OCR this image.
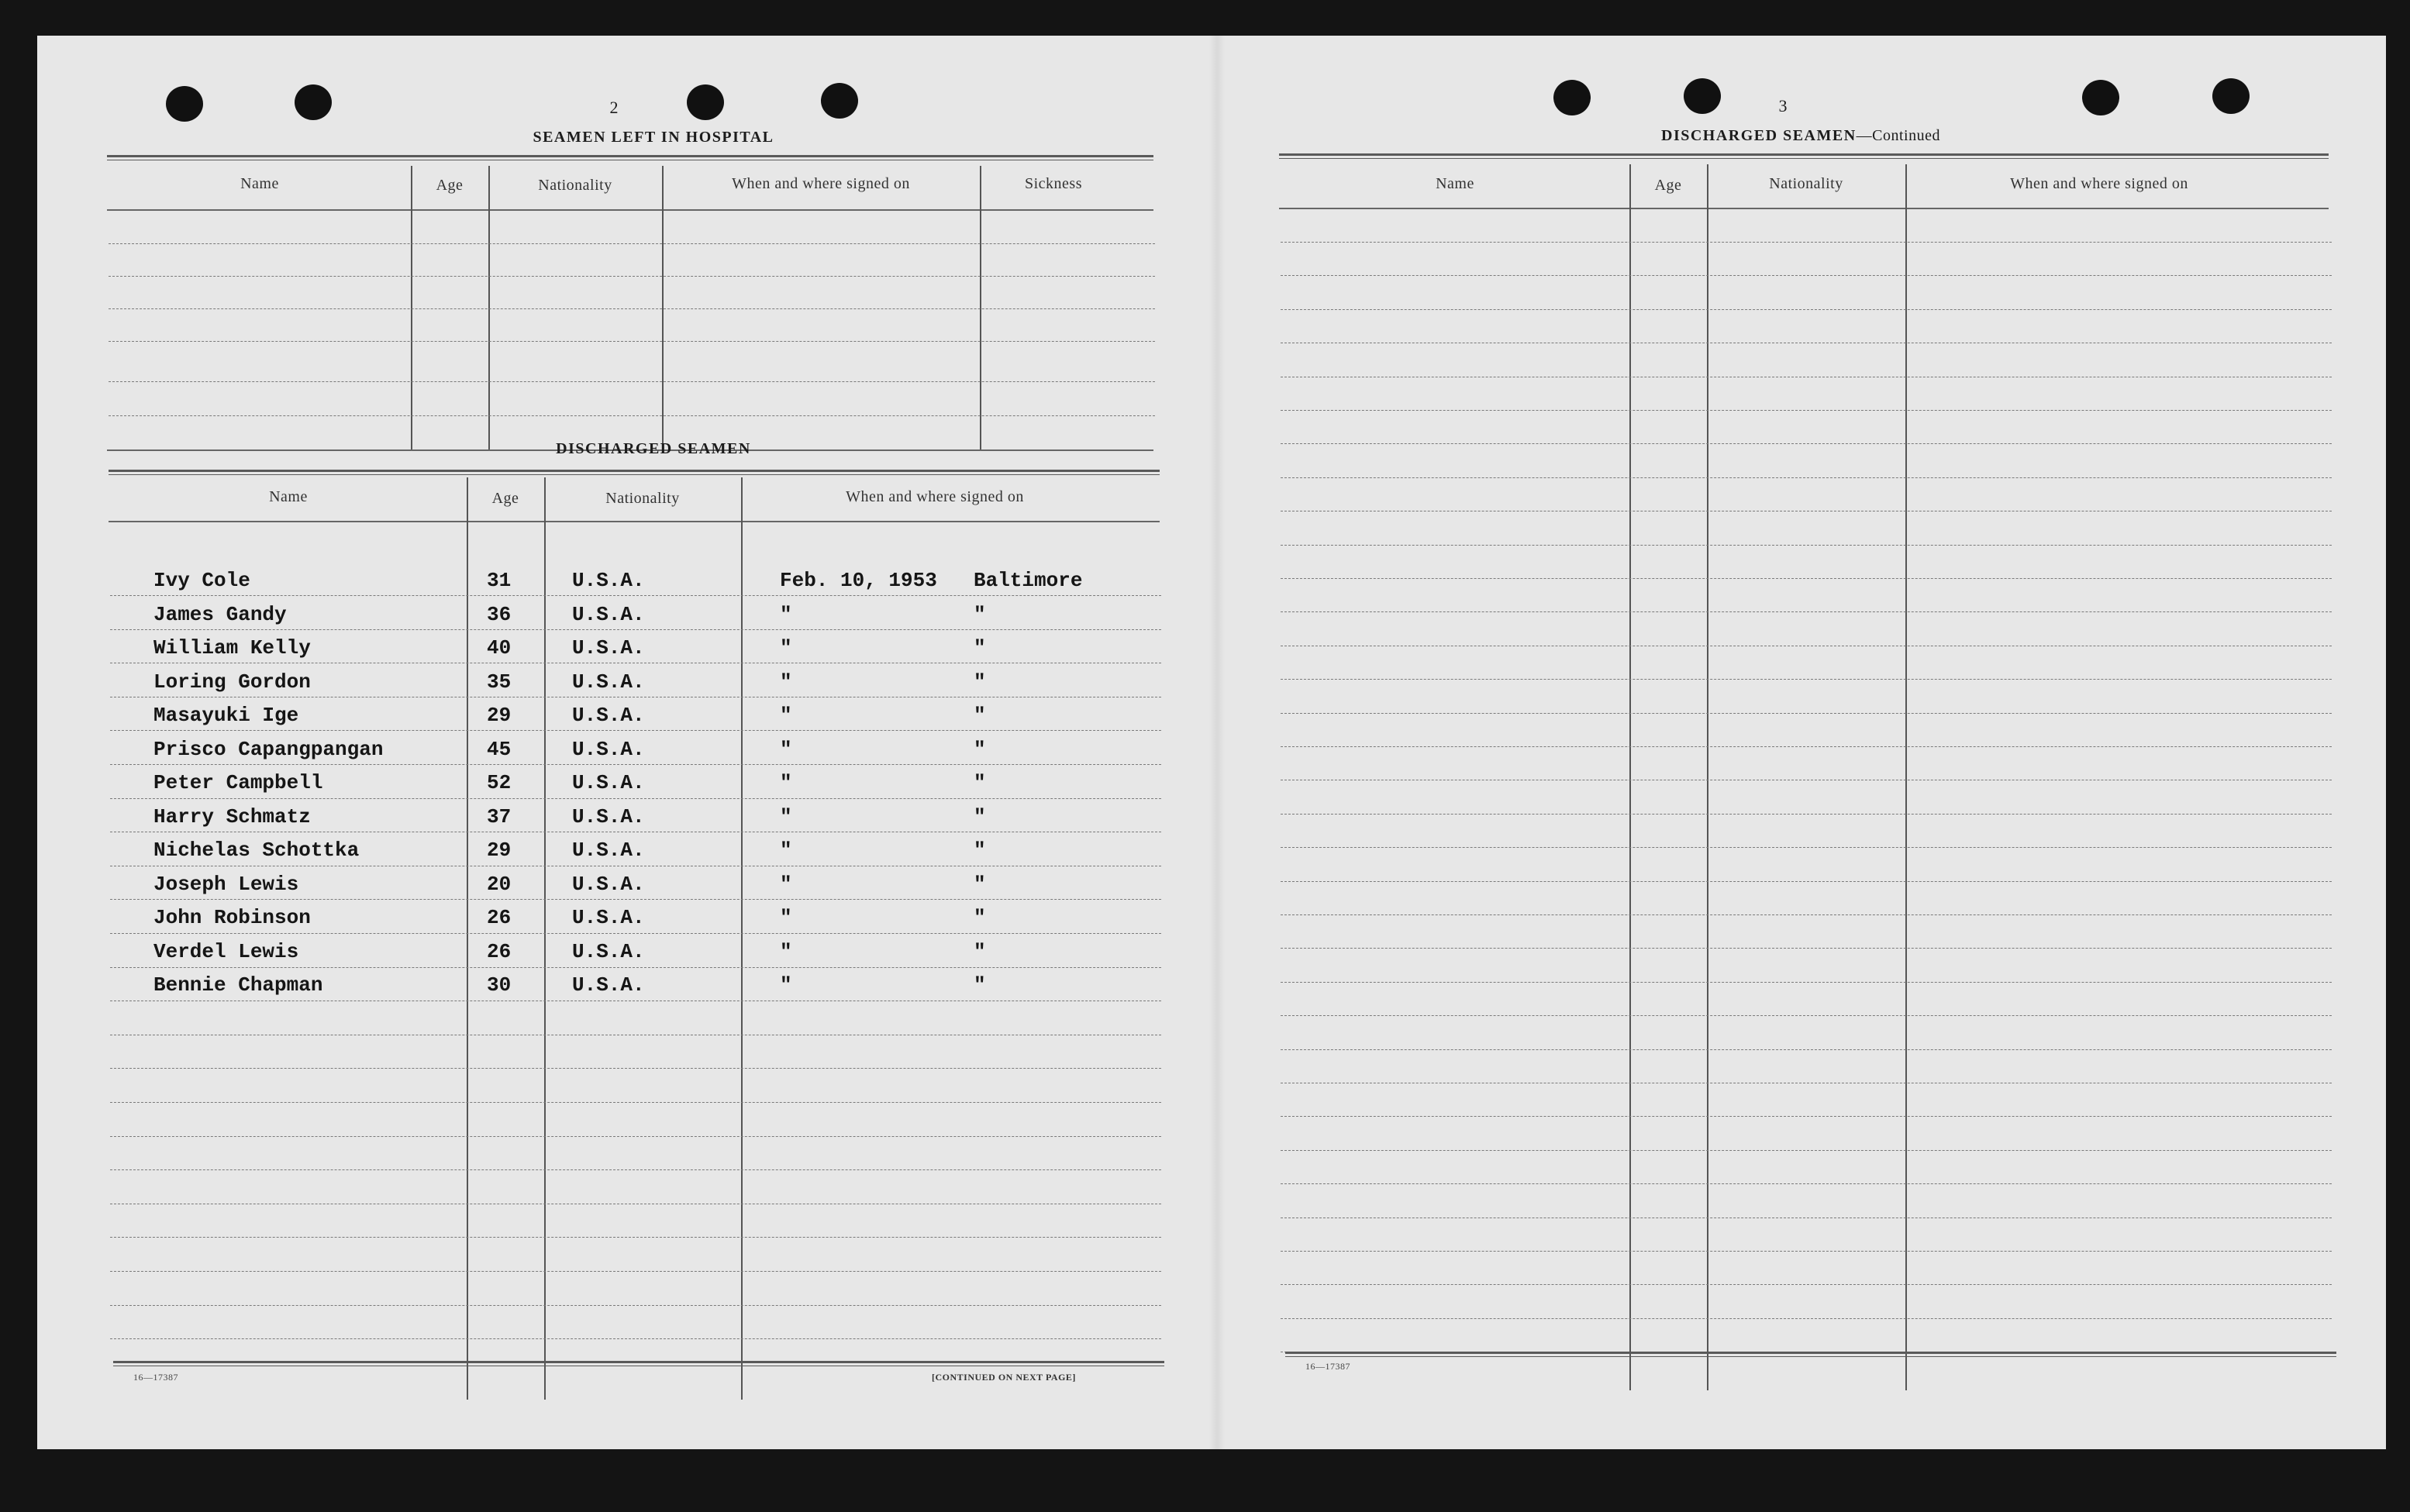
2
SEAMEN LEFT IN HOSPITAL
Name	Age	Nationality	When and where signed on	Sickness
DISCHARGED SEAMEN
Name	Age	Nationality	When and where signed on
Ivy Cole	31	U.S.A.	Feb. 10, 1953 Baltimore
James Gandy	36	U.S.A.	"	"
William Kelly	40	U.S.A.	"	"
Loring Gordon	35	U.S.A.	"	"
Masayuki Ige	29	U.S.A.	"	"
Prisco Capangpangan	45	U.S.A.	"	"
Peter Campbell	52	U.S.A.	"	"
Harry Schmatz	37	U.S.A.	"	"
Nichelas Schottka	29	U.S.A.	"	"
Joseph Lewis	20	U.S.A.	"	"
John Robinson	26	U.S.A.	"	"
Verdel Lewis	26	U.S.A.	"	"
Bennie Chapman	30	U.S.A.	"	"
16—17387	[CONTINUED ON NEXT PAGE]
3
DISCHARGED SEAMEN—Continued
Name	Age	Nationality	When and where signed on
16—17387
